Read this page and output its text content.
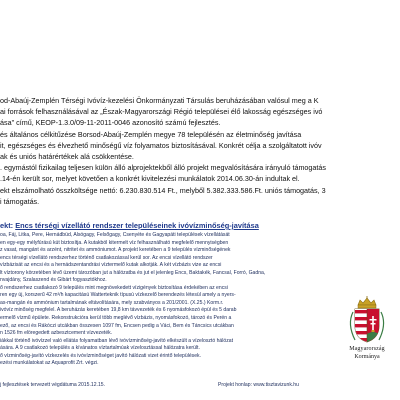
od-Abaúj-Zemplén Térségi Ivóvíz-kezelési Önkormányzati Társulás beruházásában valósul meg a K
ai források felhasználásával az „Észak-Magyarországi Régió települései élő lakosság egészséges ivó
ása" című, KEOP-1.3.0/09-11-2011-0046 azonosító számú fejlesztés.
és általános célkitűzése Borsod-Abaúj-Zemplén megye 78 településén az életminőség javítása
it, egészséges és élvezhető minőségű víz folyamatos biztosításával. Konkrét célja a szolgáltatott ivóv
ak és uniós határértékek alá csökkentése.
. egymástól fizikailag teljesen külön álló alprojektekből álló projekt megvalósítására irányuló támogatás
.14-én került sor, melyet követően a konkrét kivitelezési munkálatok 2014.06.30-án indultak el.
ekt elszámolható összköltsége nettó: 6.230.830.514 Ft., melyből 5.382.333.586.Ft. uniós támogatás, 3
i támogatás.
ekt: Encs térségi vízellátó rendszer településeinek ivóvízminőség-javítása
oa, Fáj, Litka, Pere, Hernádbüd, Alsógagy, Felsőgagy, Csenyéte és Gagyapáti települések vízellátását
en egy-egy mélyfúrású kút biztosítja. A kutakból kitermelt víz felhasználható megfelelő mennyiségben
z vasat, mangánt és arzént, nitritet és ammóniumot. A projekt keretében a 9 település vízminőségének
encs térségi vízellátó rendszerhez történő csatlakozással kerül sor. Az encsi vízellátó rendszer
vízbázisát az encsi és a hernádszentandrási víztermelő kutak alkotják. A két vízbázis vize az encsi
lt víztorony körzetében lévő üzemi tározóban jut a hálózatba és jut el jelenleg Encs, Baktakék, Fancsal, Forró, Gadna,
nvajdány, Szalaszend és Gibárt fogyasztókhoz.
ő rendszerhez csatlakozó 9 település mint megnövekedett vízigények biztosítása érdekében az encsi
ren egy új, korszerű 42 m³/h kapacitású Watterteknik típusú vízkezelő berendezés létesül amely a nyers-
as-mangán és ammónium tartalmának eltávolítására, mely szabványos a 201/2001. (X.25.) Korm.r.
ivóvíz minőség megfelel. A beruházás keretében 19,8 km távvezeték és 6 nyomásfokozó épül és 5 darab
ermelő vízmű épülete. Rekonstrukcióra kerül több meglévő vízbázis, nyomásfokozó, tározó és Perén a
ező, az encsi és Rákóczi utcákban összesen 1097 fm, Encsen pedig a Váci, Bem és Táncsics utcákban
n 1526 fm elöregedett azbesztcement vízvezeték.
iákkal történő ivóvízzel való ellátás folyamatban lévő ivóvízminőség-javító elkészült a vízelosztó hálózat
ására. A 9 csatlakozó település a kívánatos víztartalmúak vízelosztással hálózatra került.
ő vízminőség-javító vízkezelés és ivóvízminőséget javító hálózati vizet érintő települések.
ezési munkálatokat az Aquaprofit Zrt. végzi.
j fejlesztések tervezett végdátuma 2015.12.15.	Projekt honlap: www.tisztavizunk.hu
Magyarország
Kormánya
